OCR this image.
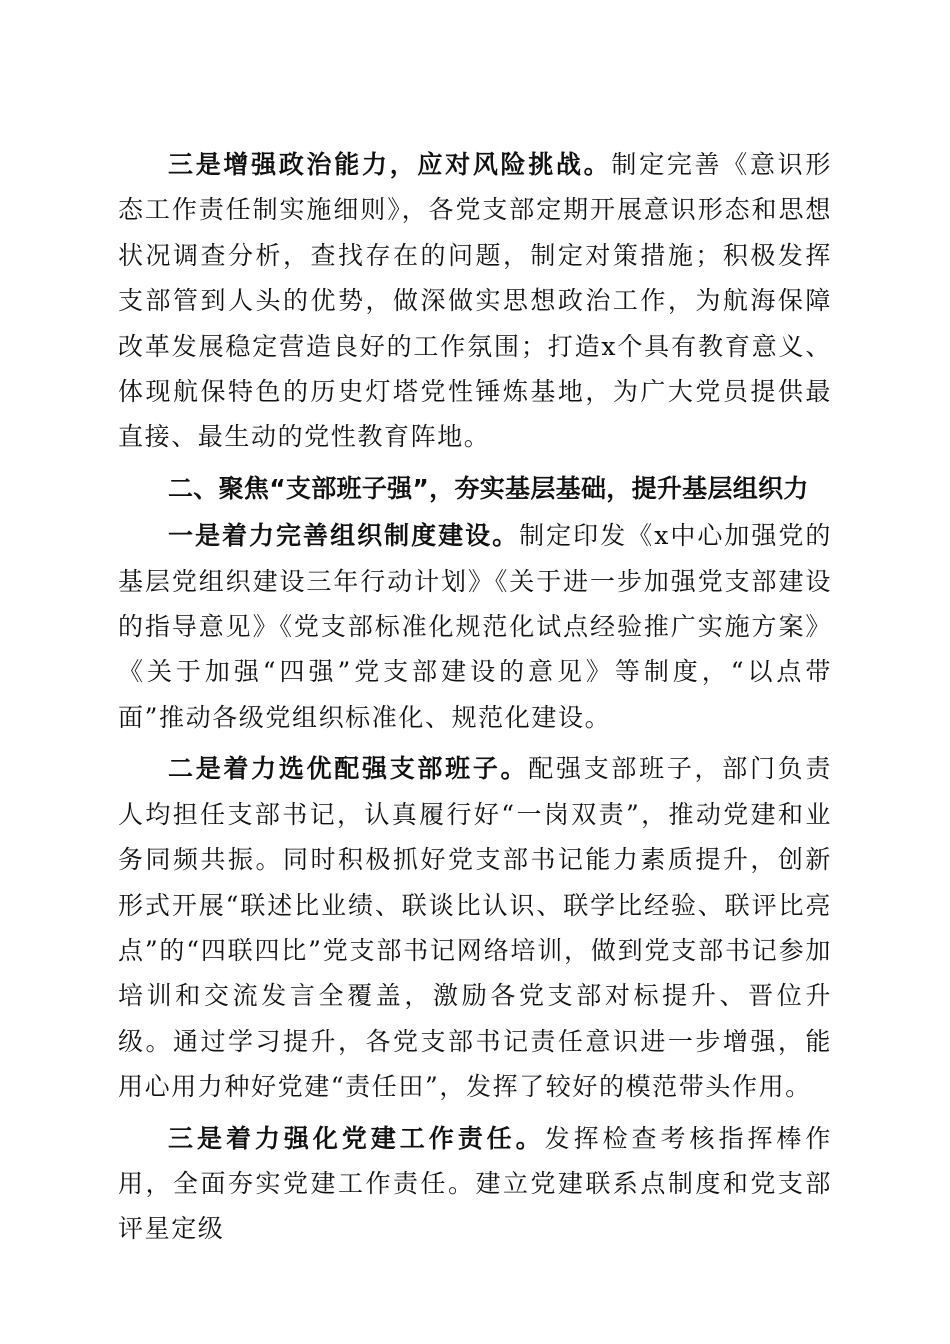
三是增强政治能力，应对风险挑战。制定完善《意识形态工作责任制实施细则》，各党支部定期开展意识形态和思想状况调查分析，查找存在的问题，制定对策措施；积极发挥支部管到人头的优势，做深做实思想政治工作，为航海保障改革发展稳定营造良好的工作氛围；打造x个具有教育意义、体现航保特色的历史灯塔党性锤炼基地，为广大党员提供最直接、最生动的党性教育阵地。

二、聚焦“支部班子强”，夯实基层基础，提升基层组织力

一是着力完善组织制度建设。制定印发《x中心加强党的基层党组织建设三年行动计划》《关于进一步加强党支部建设的指导意见》《党支部标准化规范化试点经验推广实施方案》《关于加强“四强”党支部建设的意见》等制度，“以点带面”推动各级党组织标准化、规范化建设。

二是着力选优配强支部班子。配强支部班子，部门负责人均担任支部书记，认真履行好“一岗双责”，推动党建和业务同频共振。同时积极抓好党支部书记能力素质提升，创新形式开展“联述比业绩、联谈比认识、联学比经验、联评比亮点”的“四联四比”党支部书记网络培训，做到党支部书记参加培训和交流发言全覆盖，激励各党支部对标提升、晋位升级。通过学习提升，各党支部书记责任意识进一步增强，能用心用力种好党建“责任田”，发挥了较好的模范带头作用。

三是着力强化党建工作责任。发挥检查考核指挥棒作用，全面夯实党建工作责任。建立党建联系点制度和党支部评星定级
